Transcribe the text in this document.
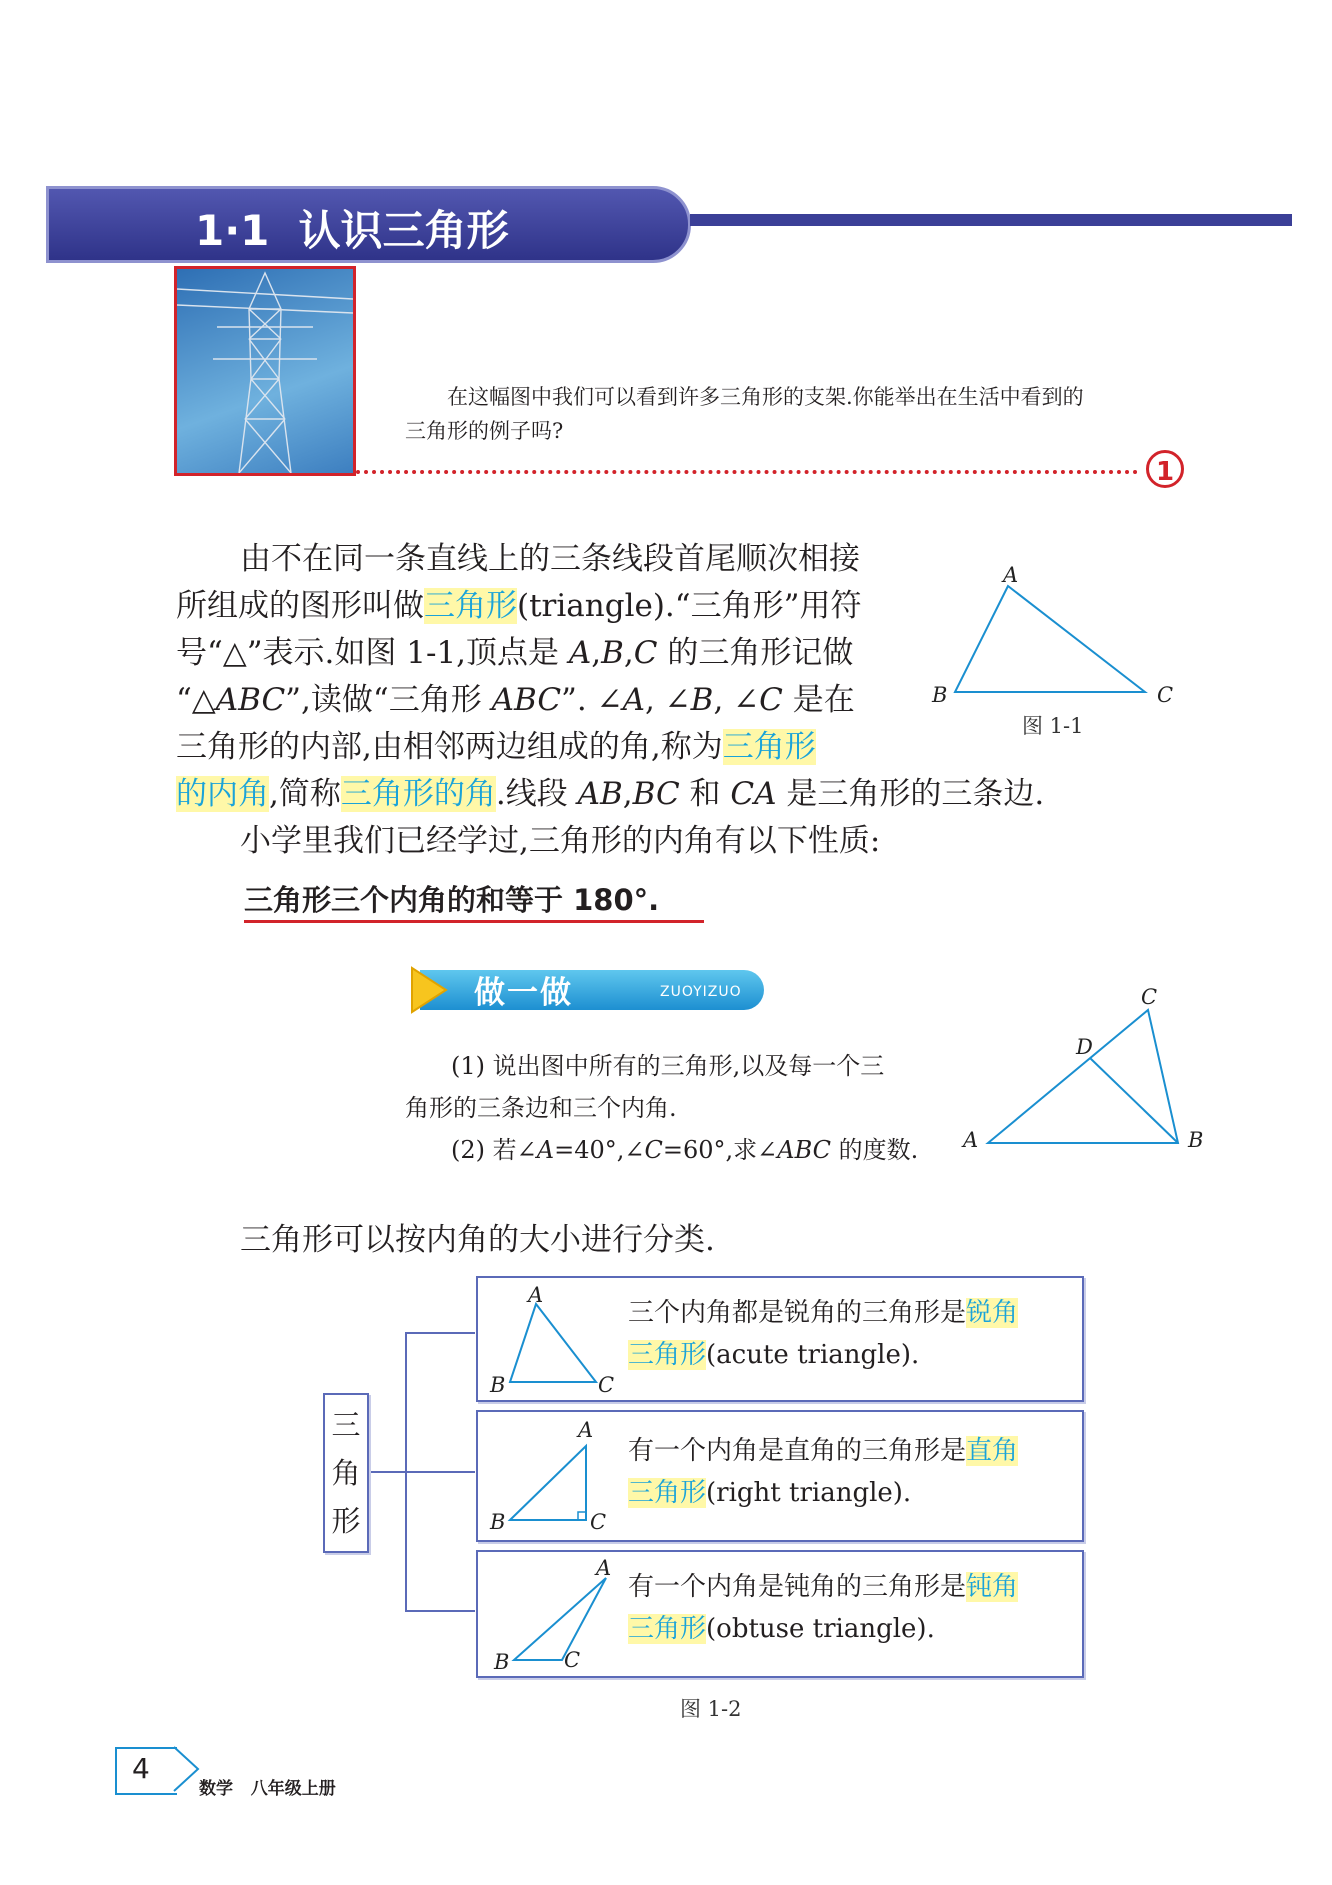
1·1  认识三角形
在这幅图中我们可以看到许多三角形的支架.你能举出在生活中看到的
三角形的例子吗?
1
由不在同一条直线上的三条线段首尾顺次相接
所组成的图形叫做三角形(triangle).“三角形”用符
号“△”表示.如图 1-1,顶点是 A,B,C 的三角形记做
“△ABC”,读做“三角形 ABC”. ∠A, ∠B, ∠C 是在
三角形的内部,由相邻两边组成的角,称为三角形
的内角,简称三角形的角.线段 AB,BC 和 CA 是三角形的三条边.
小学里我们已经学过,三角形的内角有以下性质:
A
B	C
图 1-1
三角形三个内角的和等于 180°.
做一做	ZUOYIZUO
(1) 说出图中所有的三角形,以及每一个三
角形的三条边和三个内角.
(2) 若∠A=40°,∠C=60°,求∠ABC 的度数. A	B
C
D
三角形可以按内角的大小进行分类.
三
角
形
A
B	C
三个内角都是锐角的三角形是锐角
三角形(acute triangle).
A
B	C
有一个内角是直角的三角形是直角
三角形(right triangle).
A
B	C
有一个内角是钝角的三角形是钝角
三角形(obtuse triangle).
图 1-2
4
数学   八年级上册
